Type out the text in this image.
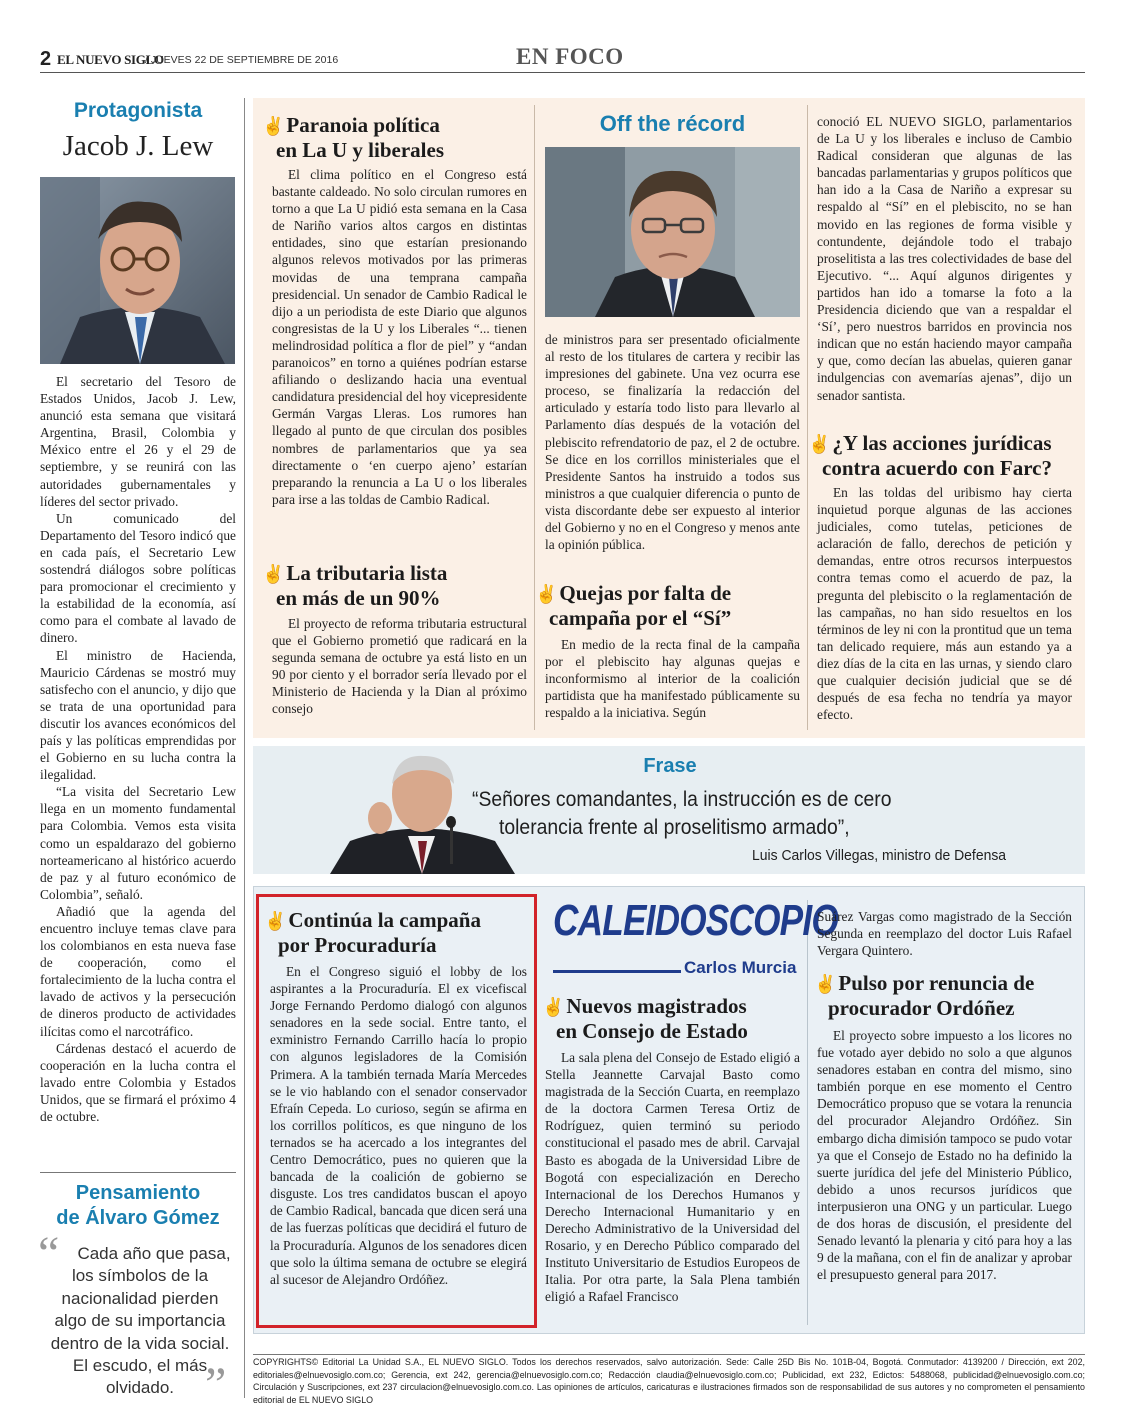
2 EL NUEVO SIGLO
/ JUEVES 22 DE SEPTIEMBRE DE 2016	EN FOCO
Protagonista
Jacob J. Lew

El secretario del Tesoro de Estados Unidos, Jacob J. Lew, anunció esta semana que visitará Argentina, Brasil, Colombia y México entre el 26 y el 29 de septiembre, y se reunirá con las autoridades gubernamentales y líderes del sector privado.

Un comunicado del Departamento del Tesoro indicó que en cada país, el Secretario Lew sostendrá diálogos sobre políticas para promocionar el crecimiento y la estabilidad de la economía, así como para el combate al lavado de dinero.

El ministro de Hacienda, Mauricio Cárdenas se mostró muy satisfecho con el anuncio, y dijo que se trata de una oportunidad para discutir los avances económicos del país y las políticas emprendidas por el Gobierno en su lucha contra la ilegalidad.

“La visita del Secretario Lew llega en un momento fundamental para Colombia. Vemos esta visita como un espaldarazo del gobierno norteamericano al histórico acuerdo de paz y al futuro económico de Colombia”, señaló.

Añadió que la agenda del encuentro incluye temas clave para los colombianos en esta nueva fase de cooperación, como el fortalecimiento de la lucha contra el lavado de activos y la persecución de dineros producto de actividades ilícitas como el narcotráfico.

Cárdenas destacó el acuerdo de cooperación en la lucha contra el lavado entre Colombia y Estados Unidos, que se firmará el próximo 4 de octubre.

Pensamiento
de Álvaro Gómez
“	Cada año que pasa, los símbolos de la nacionalidad pierden algo de su importancia dentro de la vida social. El escudo, el más olvidado. ”
✌Paranoia política
en La U y liberales

El clima político en el Congreso está bastante caldeado. No solo circulan rumores en torno a que La U pidió esta semana en la Casa de Nariño varios altos cargos en distintas entidades, sino que estarían presionando algunos relevos motivados por las primeras movidas de una temprana campaña presidencial. Un senador de Cambio Radical le dijo a un periodista de este Diario que algunos congresistas de la U y los Liberales “... tienen melindrosidad política a flor de piel” y “andan paranoicos” en torno a quiénes podrían estarse afiliando o deslizando hacia una eventual candidatura presidencial del hoy vicepresidente Germán Vargas Lleras. Los rumores han llegado al punto de que circulan dos posibles nombres de parlamentarios que ya sea directamente o ‘en cuerpo ajeno’ estarían preparando la renuncia a La U o los liberales para irse a las toldas de Cambio Radical.

✌La tributaria lista
en más de un 90%

El proyecto de reforma tributaria estructural que el Gobierno prometió que radicará en la segunda semana de octubre ya está listo en un 90 por ciento y el borrador sería llevado por el Ministerio de Hacienda y la Dian al próximo consejo

Off the récord

de ministros para ser presentado oficialmente al resto de los titulares de cartera y recibir las impresiones del gabinete. Una vez ocurra ese proceso, se finalizaría la redacción del articulado y estaría todo listo para llevarlo al Parlamento días después de la votación del plebiscito refrendatorio de paz, el 2 de octubre. Se dice en los corrillos ministeriales que el Presidente Santos ha instruido a todos sus ministros a que cualquier diferencia o punto de vista discordante debe ser expuesto al interior del Gobierno y no en el Congreso y menos ante la opinión pública.

✌Quejas por falta de
campaña por el “Sí”

En medio de la recta final de la campaña por el plebiscito hay algunas quejas e inconformismo al interior de la coalición partidista que ha manifestado públicamente su respaldo a la iniciativa. Según

conoció EL NUEVO SIGLO, parlamentarios de La U y los liberales e incluso de Cambio Radical consideran que algunas de las bancadas parlamentarias y grupos políticos que han ido a la Casa de Nariño a expresar su respaldo al “Sí” en el plebiscito, no se han movido en las regiones de forma visible y contundente, dejándole todo el trabajo proselitista a las tres colectividades de base del Ejecutivo. “... Aquí algunos dirigentes y partidos han ido a tomarse la foto a la Presidencia diciendo que van a respaldar el ‘Sí’, pero nuestros barridos en provincia nos indican que no están haciendo mayor campaña y que, como decían las abuelas, quieren ganar indulgencias con avemarías ajenas”, dijo un senador santista.

✌¿Y las acciones jurídicas
contra acuerdo con Farc?

En las toldas del uribismo hay cierta inquietud porque algunas de las acciones judiciales, como tutelas, peticiones de aclaración de fallo, derechos de petición y demandas, entre otros recursos interpuestos contra temas como el acuerdo de paz, la pregunta del plebiscito o la reglamentación de las campañas, no han sido resueltos en los términos de ley ni con la prontitud que un tema tan delicado requiere, más aun estando ya a diez días de la cita en las urnas, y siendo claro que cualquier decisión judicial que se dé después de esa fecha no tendría ya mayor efecto.

Frase
“Señores comandantes, la instrucción es de cero
tolerancia frente al proselitismo armado”,
Luis Carlos Villegas, ministro de Defensa
✌Continúa la campaña
por Procuraduría

En el Congreso siguió el lobby de los aspirantes a la Procuraduría. El ex vicefiscal Jorge Fernando Perdomo dialogó con algunos senadores en la sede social. Entre tanto, el exministro Fernando Carrillo hacía lo propio con algunos legisladores de la Comisión Primera. A la también ternada María Mercedes se le vio hablando con el senador conservador Efraín Cepeda. Lo curioso, según se afirma en los corrillos políticos, es que ninguno de los ternados se ha acercado a los integrantes del Centro Democrático, pues no quieren que la bancada de la coalición de gobierno se disguste. Los tres candidatos buscan el apoyo de Cambio Radical, bancada que dicen será una de las fuerzas políticas que decidirá el futuro de la Procuraduría. Algunos de los senadores dicen que solo la última semana de octubre se elegirá al sucesor de Alejandro Ordóñez.

CALEIDOSCOPIO
Carlos Murcia
✌Nuevos magistrados
en Consejo de Estado

La sala plena del Consejo de Estado eligió a Stella Jeannette Carvajal Basto como magistrada de la Sección Cuarta, en reemplazo de la doctora Carmen Teresa Ortiz de Rodríguez, quien terminó su periodo constitucional el pasado mes de abril. Carvajal Basto es abogada de la Universidad Libre de Bogotá con especialización en Derecho Internacional de los Derechos Humanos y Derecho Internacional Humanitario y en Derecho Administrativo de la Universidad del Rosario, y en Derecho Público comparado del Instituto Universitario de Estudios Europeos de Italia. Por otra parte, la Sala Plena también eligió a Rafael Francisco

Suárez Vargas como magistrado de la Sección Segunda en reemplazo del doctor Luis Rafael Vergara Quintero.

✌Pulso por renuncia de
procurador Ordóñez

El proyecto sobre impuesto a los licores no fue votado ayer debido no solo a que algunos senadores estaban en contra del mismo, sino también porque en ese momento el Centro Democrático propuso que se votara la renuncia del procurador Alejandro Ordóñez. Sin embargo dicha dimisión tampoco se pudo votar ya que el Consejo de Estado no ha definido la suerte jurídica del jefe del Ministerio Público, debido a unos recursos jurídicos que interpusieron una ONG y un particular. Luego de dos horas de discusión, el presidente del Senado levantó la plenaria y citó para hoy a las 9 de la mañana, con el fin de analizar y aprobar el presupuesto general para 2017.

COPYRIGHTS© Editorial La Unidad S.A., EL NUEVO SIGLO. Todos los derechos reservados, salvo autorización. Sede: Calle 25D Bis No. 101B-04, Bogotá. Conmutador: 4139200 / Dirección, ext 202, editoriales@elnuevosiglo.com.co; Gerencia, ext 242, gerencia@elnuevosiglo.com.co; Redacción claudia@elnuevosiglo.com.co; Publicidad, ext 232, Edictos: 5488068, publicidad@elnuevosiglo.com.co; Circulación y Suscripciones, ext 237 circulacion@elnuevosiglo.com.co. Las opiniones de artículos, caricaturas e ilustraciones firmados son de responsabilidad de sus autores y no comprometen el pensamiento editorial de EL NUEVO SIGLO
